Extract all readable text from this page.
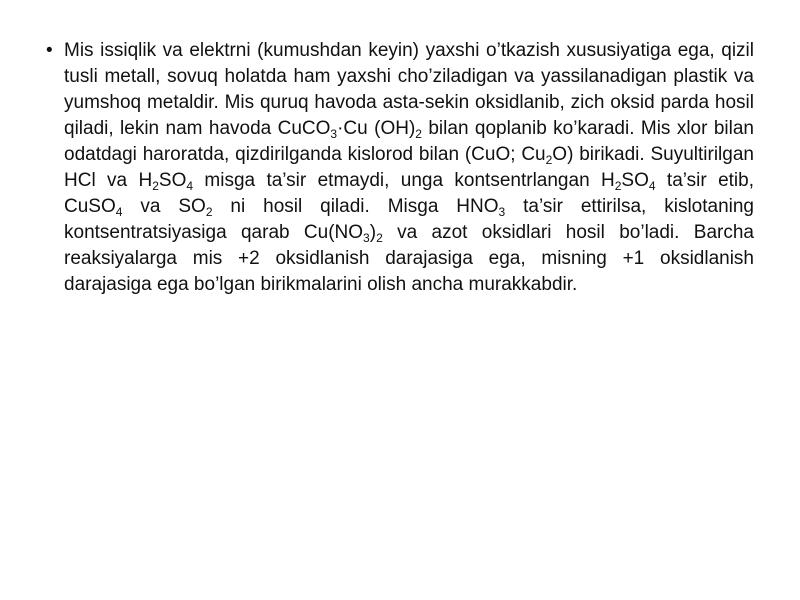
• Mis issiqlik va elektrni (kumushdan keyin) yaxshi o’tkazish xususiyatiga ega, qizil tusli metall, sovuq holatda ham yaxshi cho’ziladigan va yassilanadigan plastik va yumshoq metaldir. Mis quruq havoda asta-sekin oksidlanib, zich oksid parda hosil qiladi, lekin nam havoda CuCO$_3$·Cu $(OH)_2$ bilan qoplanib ko’karadi. Mis xlor bilan odatdagi haroratda, qizdirilganda kislorod bilan (CuO; $Cu_2O$) birikadi. Suyultirilgan HCl va $H_2SO_4$ misga ta’sir etmaydi, unga kontsentrlangan $H_2SO_4$ ta’sir etib, CuSO$_4$ va $SO_2$ ni hosil qiladi. Misga $HNO_3$ ta’sir ettirilsa, kislotaning kontsentratsiyasiga qarab $Cu(NO_3)_2$ va azot oksidlari hosil bo’ladi. Barcha reaksiyalarga mis +2 oksidlanish darajasiga ega, misning +1 oksidlanish darajasiga ega bo’lgan birikmalarini olish ancha murakkabdir.
